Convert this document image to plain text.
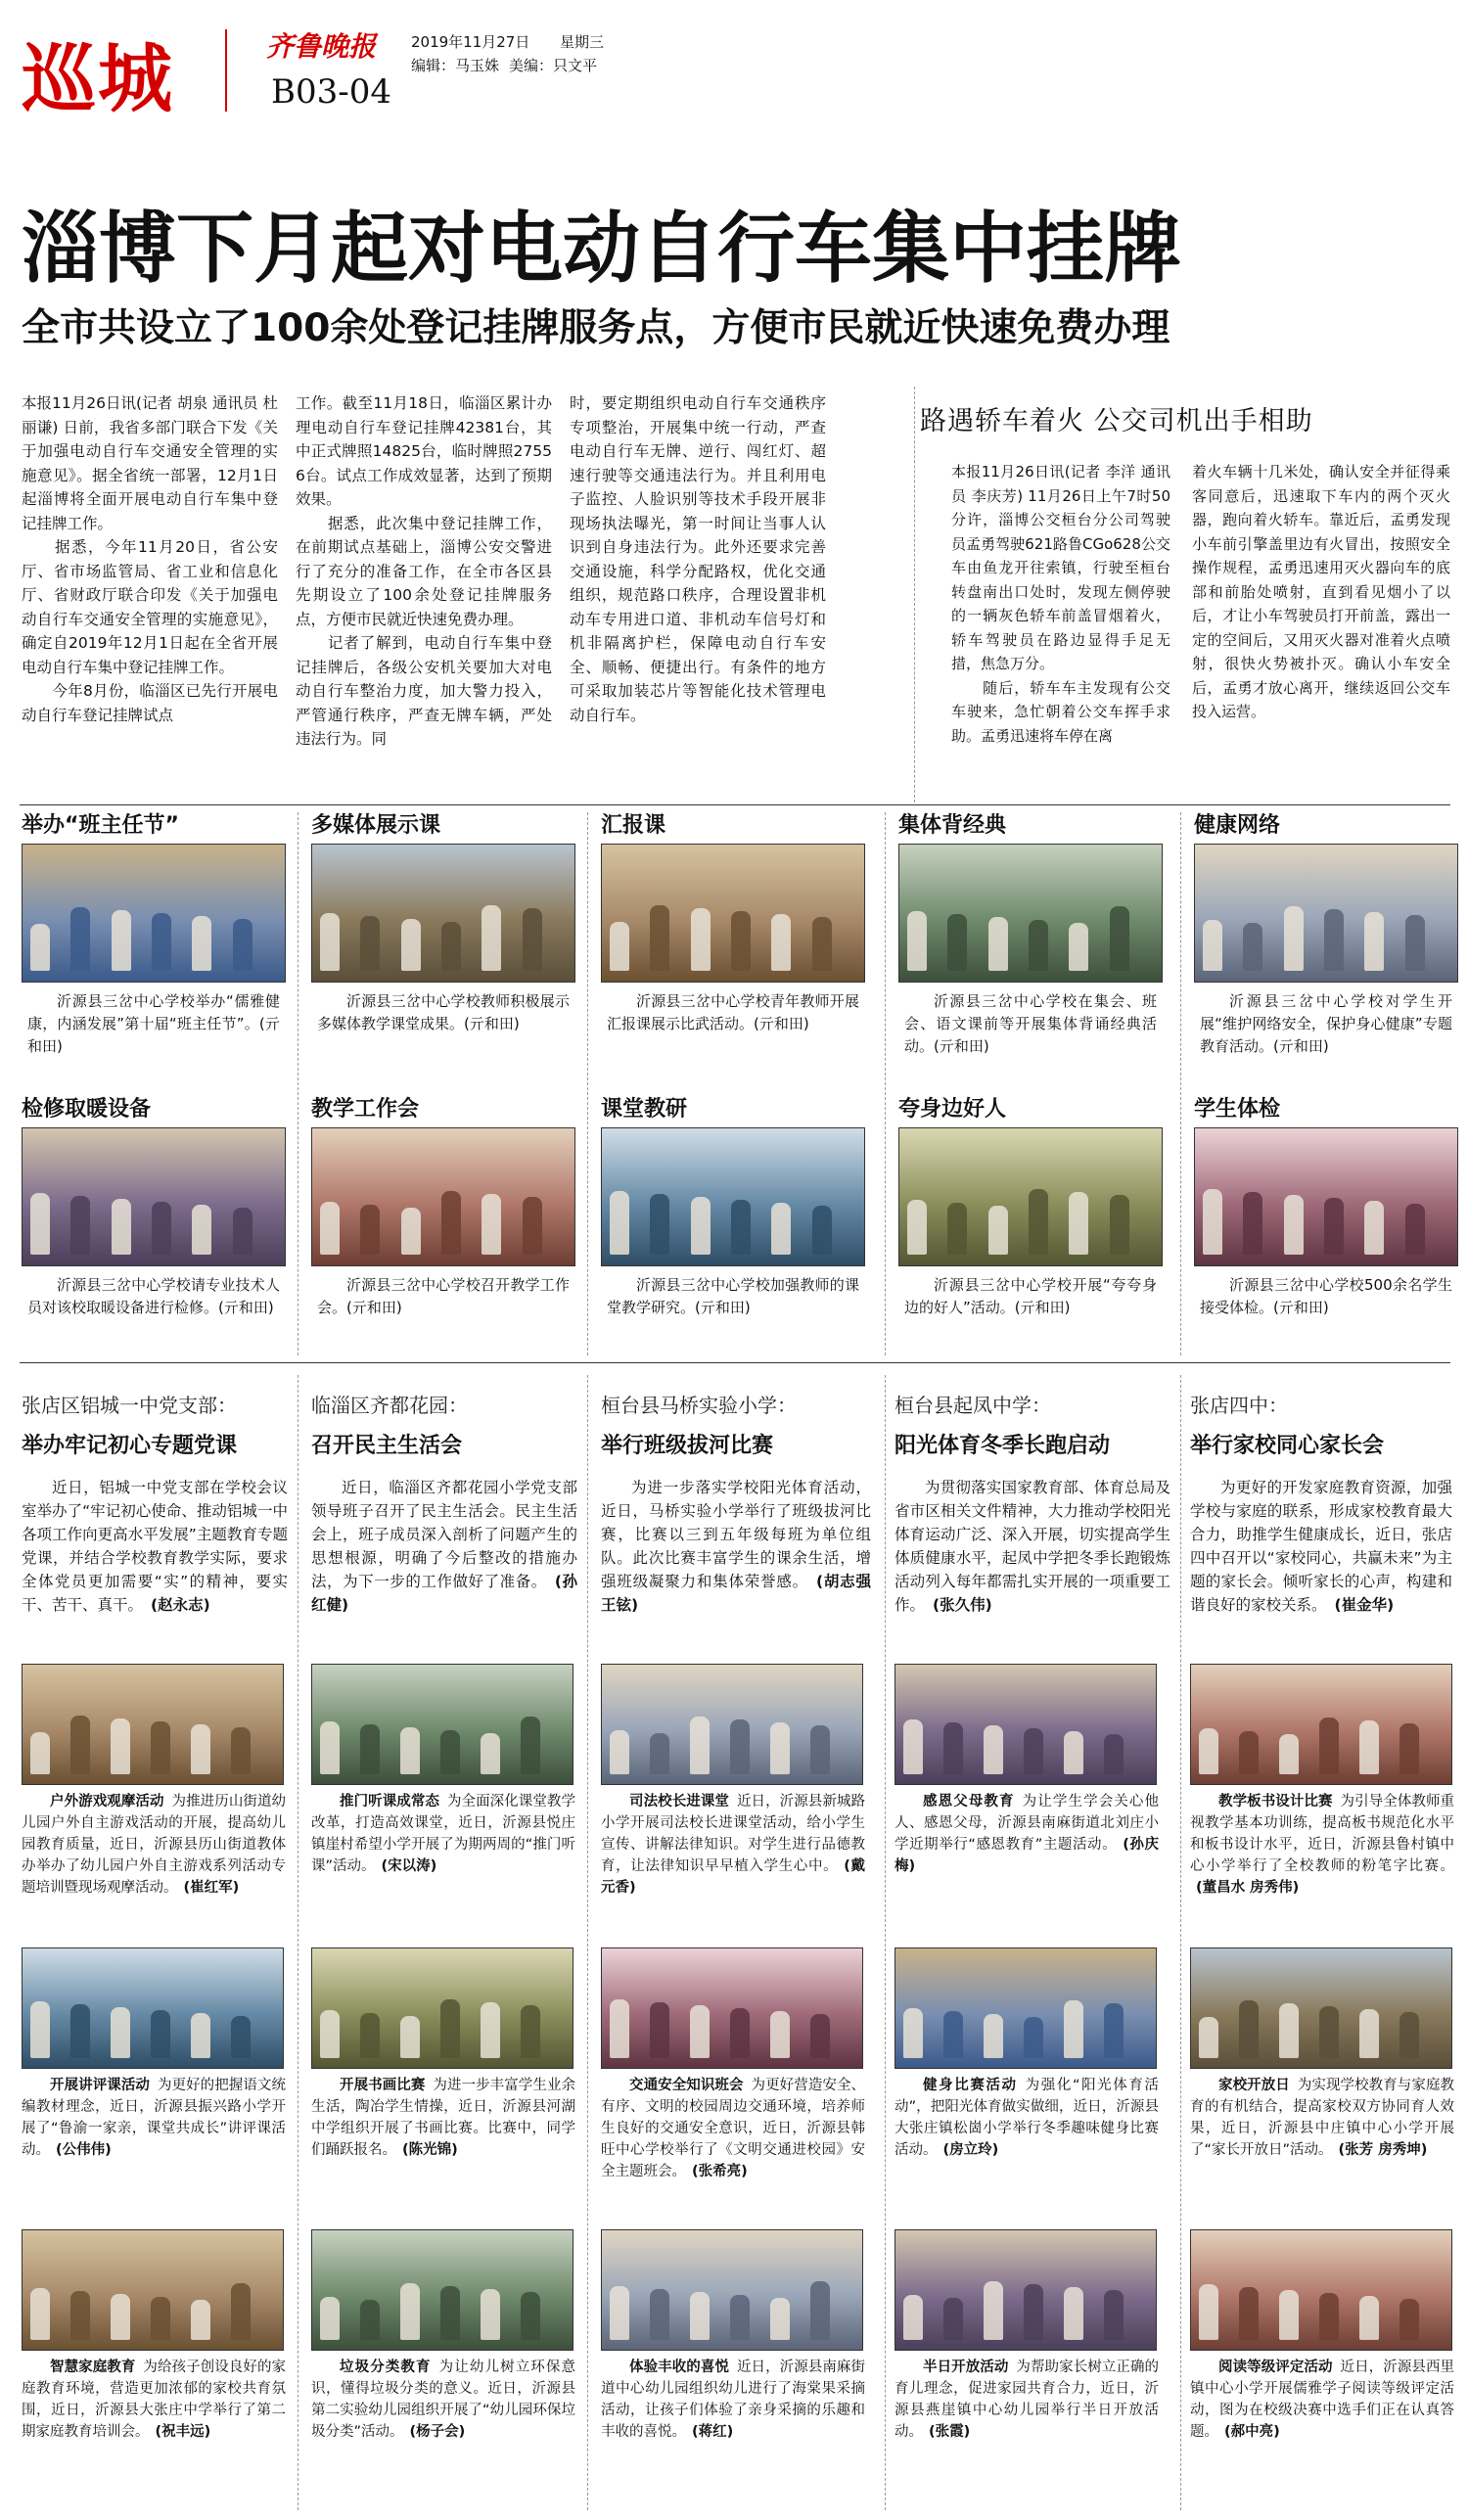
巡城	齐鲁晚报 2019年11月27日 星期三
编辑：马玉姝 美编：只文平
B03-04
淄博下月起对电动自行车集中挂牌
全市共设立了100余处登记挂牌服务点，方便市民就近快速免费办理
本报11月26日讯(记者 胡泉 通讯员 杜丽谦) 日前，我省多部门联合下发《关于加强电动自行车交通安全管理的实施意见》。据全省统一部署，12月1日起淄博将全面开展电动自行车集中登记挂牌工作。
　　据悉，今年11月20日，省公安厅、省市场监管局、省工业和信息化厅、省财政厅联合印发《关于加强电动自行车交通安全管理的实施意见》，确定自2019年12月1日起在全省开展电动自行车集中登记挂牌工作。
　　今年8月份，临淄区已先行开展电动自行车登记挂牌试点
工作。截至11月18日，临淄区累计办理电动自行车登记挂牌42381台，其中正式牌照14825台，临时牌照27556台。试点工作成效显著，达到了预期效果。
　　据悉，此次集中登记挂牌工作，在前期试点基础上，淄博公安交警进行了充分的准备工作，在全市各区县先期设立了100余处登记挂牌服务点，方便市民就近快速免费办理。
　　记者了解到，电动自行车集中登记挂牌后，各级公安机关要加大对电动自行车整治力度，加大警力投入，严管通行秩序，严查无牌车辆，严处违法行为。同
时，要定期组织电动自行车交通秩序专项整治，开展集中统一行动，严查电动自行车无牌、逆行、闯红灯、超速行驶等交通违法行为。并且利用电子监控、人脸识别等技术手段开展非现场执法曝光，第一时间让当事人认识到自身违法行为。此外还要求完善交通设施，科学分配路权，优化交通组织，规范路口秩序，合理设置非机动车专用进口道、非机动车信号灯和机非隔离护栏，保障电动自行车安全、顺畅、便捷出行。有条件的地方可采取加装芯片等智能化技术管理电动自行车。
路遇轿车着火 公交司机出手相助
本报11月26日讯(记者 李洋 通讯员 李庆芳) 11月26日上午7时50分许，淄博公交桓台分公司驾驶员孟勇驾驶621路鲁CGo628公交车由鱼龙开往索镇，行驶至桓台转盘南出口处时，发现左侧停驶的一辆灰色轿车前盖冒烟着火，轿车驾驶员在路边显得手足无措，焦急万分。
　　随后，轿车车主发现有公交车驶来，急忙朝着公交车挥手求助。孟勇迅速将车停在离
着火车辆十几米处，确认安全并征得乘客同意后，迅速取下车内的两个灭火器，跑向着火轿车。靠近后，孟勇发现小车前引擎盖里边有火冒出，按照安全操作规程，孟勇迅速用灭火器向车的底部和前胎处喷射，直到看见烟小了以后，才让小车驾驶员打开前盖，露出一定的空间后，又用灭火器对准着火点喷射，很快火势被扑灭。确认小车安全后，孟勇才放心离开，继续返回公交车投入运营。
举办“班主任节”
沂源县三岔中心学校举办“儒雅健康，内涵发展”第十届“班主任节”。(亓和田)
多媒体展示课
沂源县三岔中心学校教师积极展示多媒体教学课堂成果。(亓和田)
汇报课
沂源县三岔中心学校青年教师开展汇报课展示比武活动。(亓和田)
集体背经典
沂源县三岔中心学校在集会、班会、语文课前等开展集体背诵经典活动。(亓和田)
健康网络
沂源县三岔中心学校对学生开展“维护网络安全，保护身心健康”专题教育活动。(亓和田)
检修取暖设备
沂源县三岔中心学校请专业技术人员对该校取暖设备进行检修。(亓和田)
教学工作会
沂源县三岔中心学校召开教学工作会。(亓和田)
课堂教研
沂源县三岔中心学校加强教师的课堂教学研究。(亓和田)
夸身边好人
沂源县三岔中心学校开展“夸夸身边的好人”活动。(亓和田)
学生体检
沂源县三岔中心学校500余名学生接受体检。(亓和田)
张店区铝城一中党支部：
举办牢记初心专题党课
近日，铝城一中党支部在学校会议室举办了“牢记初心使命、推动铝城一中各项工作向更高水平发展”主题教育专题党课，并结合学校教育教学实际，要求全体党员更加需要“实”的精神，要实干、苦干、真干。 (赵永志)
临淄区齐都花园：
召开民主生活会
近日，临淄区齐都花园小学党支部领导班子召开了民主生活会。民主生活会上，班子成员深入剖析了问题产生的思想根源，明确了今后整改的措施办法，为下一步的工作做好了准备。 (孙红健)
桓台县马桥实验小学：
举行班级拔河比赛
为进一步落实学校阳光体育活动，近日，马桥实验小学举行了班级拔河比赛，比赛以三到五年级每班为单位组队。此次比赛丰富学生的课余生活，增强班级凝聚力和集体荣誉感。 (胡志强 王铉)
桓台县起凤中学：
阳光体育冬季长跑启动
为贯彻落实国家教育部、体育总局及省市区相关文件精神，大力推动学校阳光体育运动广泛、深入开展，切实提高学生体质健康水平，起凤中学把冬季长跑锻炼活动列入每年都需扎实开展的一项重要工作。 (张久伟)
张店四中：
举行家校同心家长会
为更好的开发家庭教育资源，加强学校与家庭的联系，形成家校教育最大合力，助推学生健康成长，近日，张店四中召开以“家校同心，共赢未来”为主题的家长会。倾听家长的心声，构建和谐良好的家校关系。 (崔金华)
户外游戏观摩活动 为推进历山街道幼儿园户外自主游戏活动的开展，提高幼儿园教育质量，近日，沂源县历山街道教体办举办了幼儿园户外自主游戏系列活动专题培训暨现场观摩活动。 (崔红军)
推门听课成常态 为全面深化课堂教学改革，打造高效课堂，近日，沂源县悦庄镇崖村希望小学开展了为期两周的“推门听课”活动。 (宋以涛)
司法校长进课堂 近日，沂源县新城路小学开展司法校长进课堂活动，给小学生宣传、讲解法律知识。对学生进行品德教育，让法律知识早早植入学生心中。 (戴元香)
感恩父母教育 为让学生学会关心他人、感恩父母，沂源县南麻街道北刘庄小学近期举行“感恩教育”主题活动。 (孙庆梅)
教学板书设计比赛 为引导全体教师重视教学基本功训练，提高板书规范化水平和板书设计水平，近日，沂源县鲁村镇中心小学举行了全校教师的粉笔字比赛。(董昌水 房秀伟)
开展讲评课活动 为更好的把握语文统编教材理念，近日，沂源县振兴路小学开展了“鲁渝一家亲，课堂共成长”讲评课活动。 (公伟伟)
开展书画比赛 为进一步丰富学生业余生活，陶冶学生情操，近日，沂源县河湖中学组织开展了书画比赛。比赛中，同学们踊跃报名。 (陈光锦)
交通安全知识班会 为更好营造安全、有序、文明的校园周边交通环境，培养师生良好的交通安全意识，近日，沂源县韩旺中心学校举行了《文明交通进校园》安全主题班会。 (张希亮)
健身比赛活动 为强化“阳光体育活动”，把阳光体育做实做细，近日，沂源县大张庄镇松崮小学举行冬季趣味健身比赛活动。 (房立玲)
家校开放日 为实现学校教育与家庭教育的有机结合，提高家校双方协同育人效果，近日，沂源县中庄镇中心小学开展了“家长开放日”活动。 (张芳 房秀坤)
智慧家庭教育 为给孩子创设良好的家庭教育环境，营造更加浓郁的家校共育氛围，近日，沂源县大张庄中学举行了第二期家庭教育培训会。 (祝丰远)
垃圾分类教育 为让幼儿树立环保意识，懂得垃圾分类的意义。近日，沂源县第二实验幼儿园组织开展了“幼儿园环保垃圾分类”活动。 (杨子会)
体验丰收的喜悦 近日，沂源县南麻街道中心幼儿园组织幼儿进行了海棠果采摘活动，让孩子们体验了亲身采摘的乐趣和丰收的喜悦。 (蒋红)
半日开放活动 为帮助家长树立正确的育儿理念，促进家园共育合力，近日，沂源县燕崖镇中心幼儿园举行半日开放活动。 (张霞)
阅读等级评定活动 近日，沂源县西里镇中心小学开展儒雅学子阅读等级评定活动，图为在校级决赛中选手们正在认真答题。 (郝中亮)
